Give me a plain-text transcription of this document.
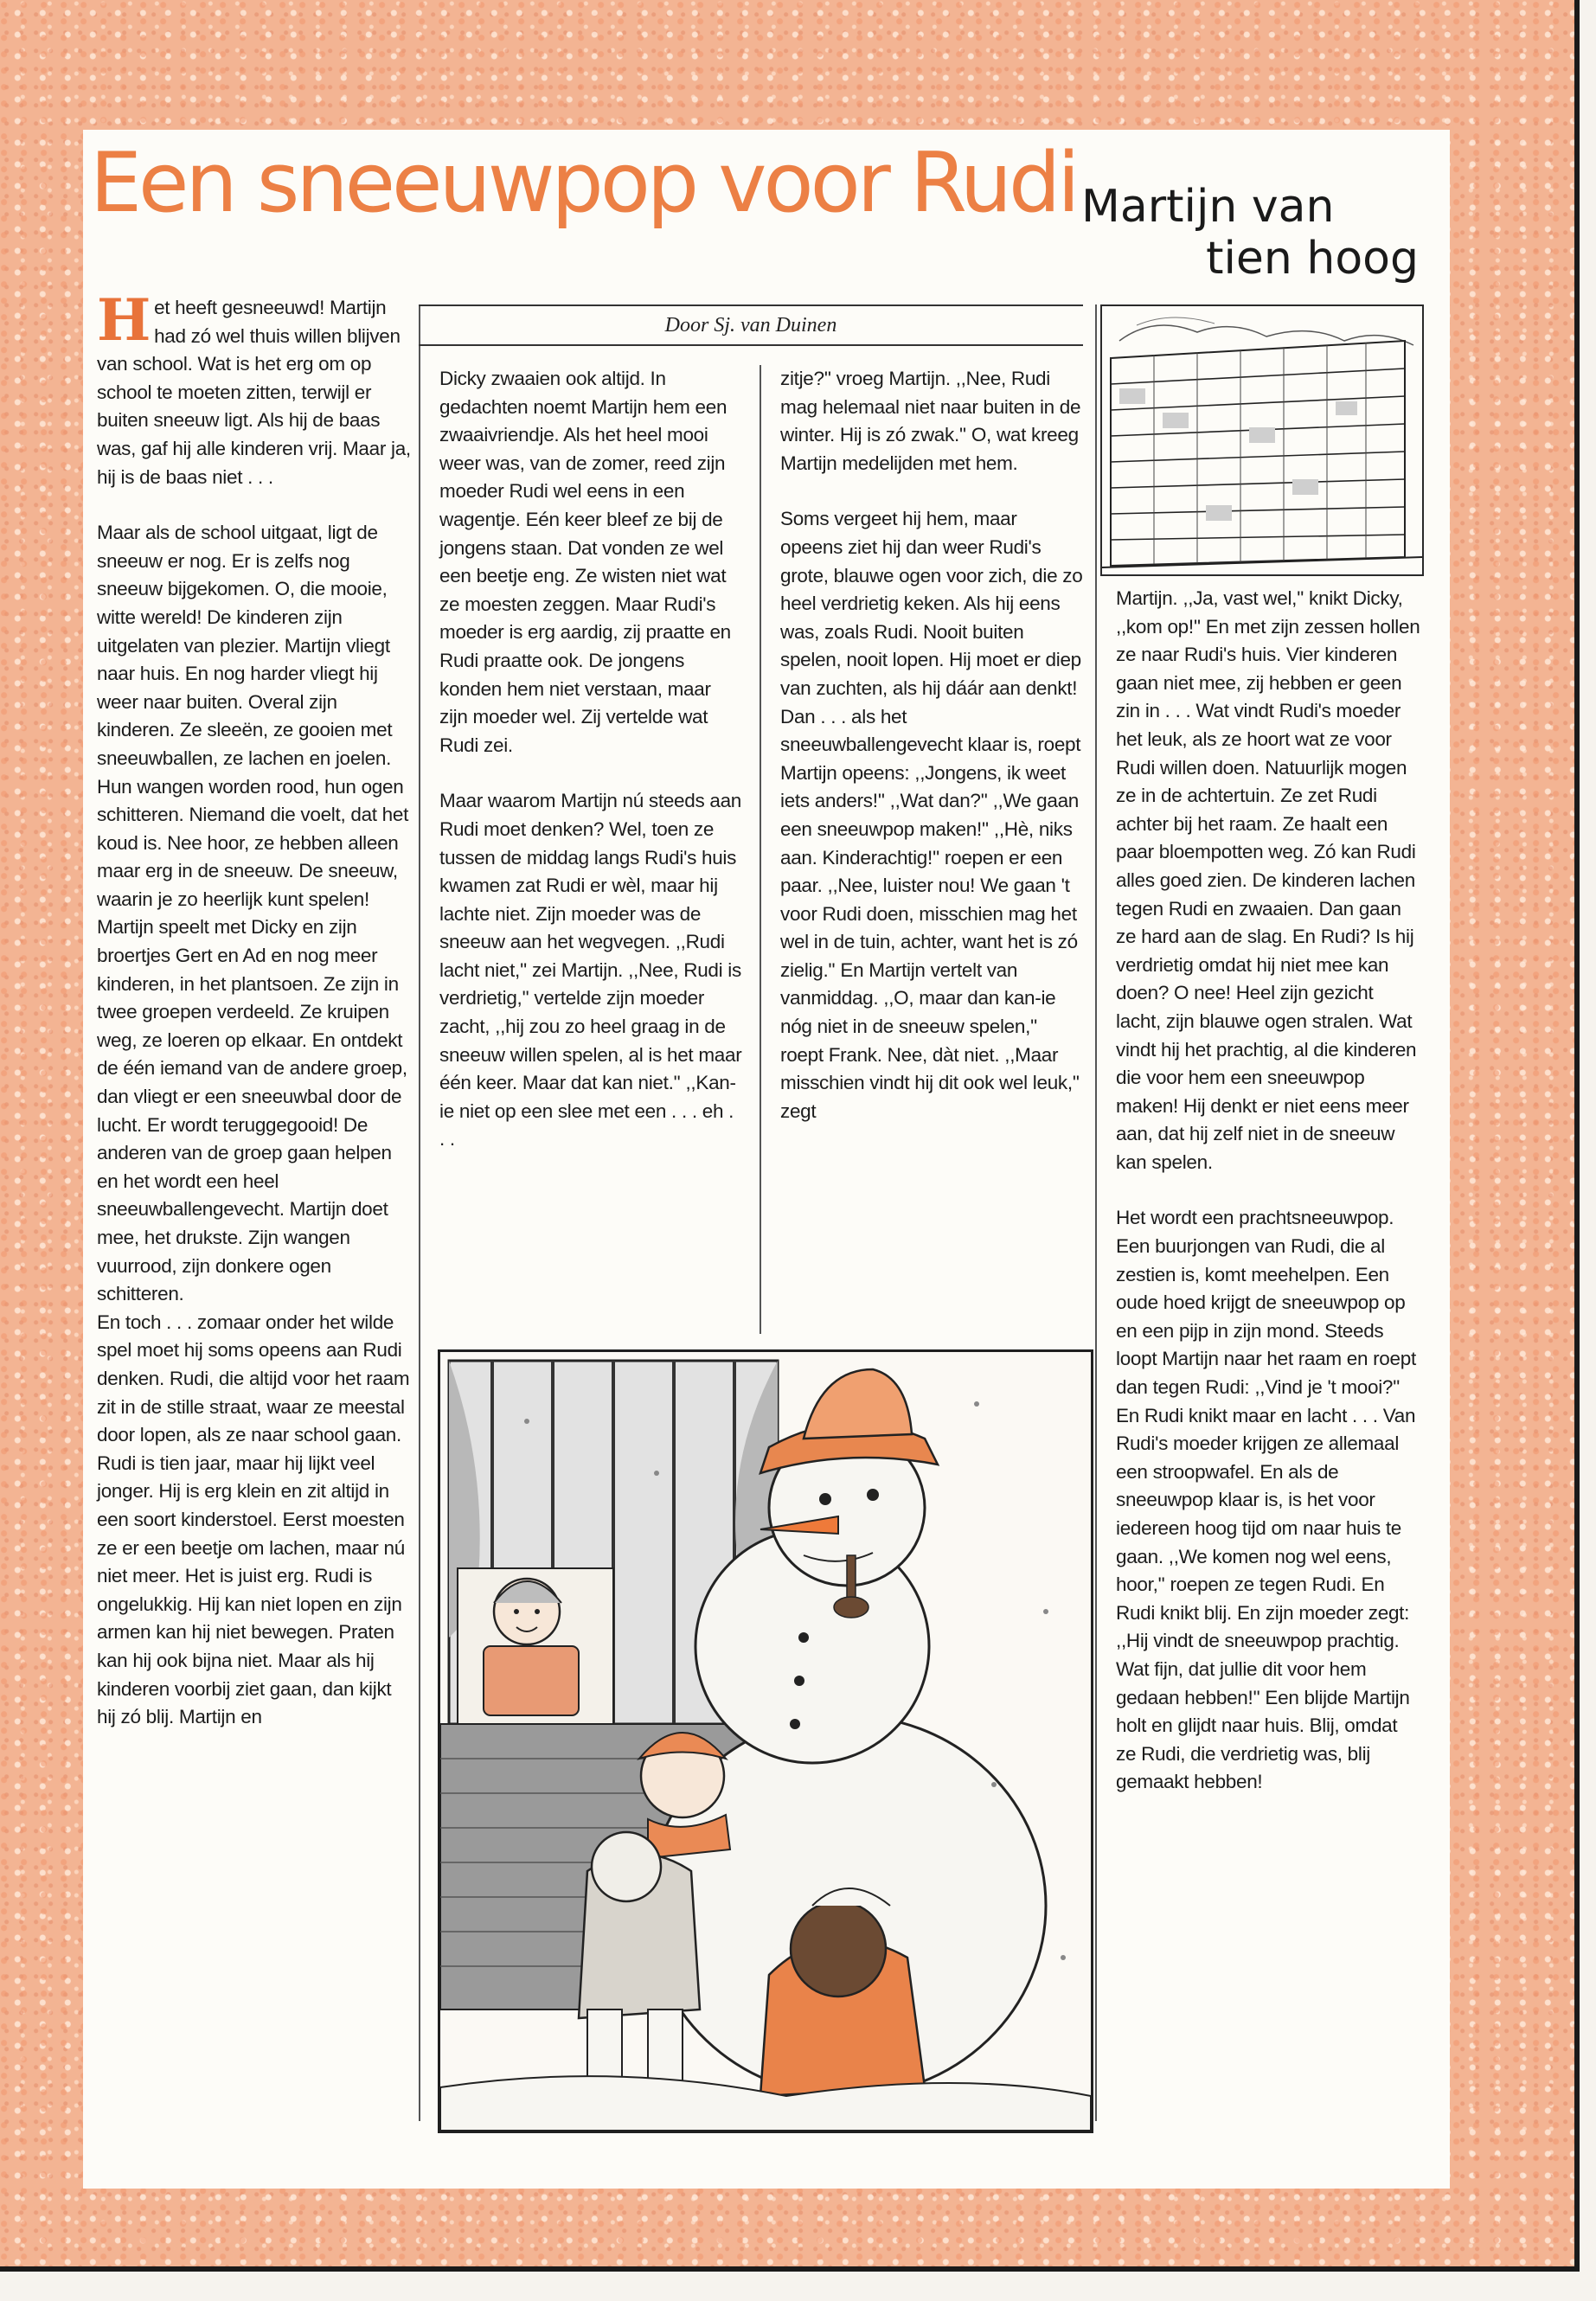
Een sneeuwpop voor Rudi Martijn van
tien hoog

Het heeft gesneeuwd! Martijn had zó wel thuis willen blijven van school. Wat is het erg om op school te moeten zitten, terwijl er buiten sneeuw ligt. Als hij de baas was, gaf hij alle kinderen vrij. Maar ja, hij is de baas niet . . .

Maar als de school uitgaat, ligt de sneeuw er nog. Er is zelfs nog sneeuw bijgekomen. O, die mooie, witte wereld! De kinderen zijn uitgelaten van plezier. Martijn vliegt naar huis. En nog harder vliegt hij weer naar buiten. Overal zijn kinderen. Ze sleeën, ze gooien met sneeuwballen, ze lachen en joelen. Hun wangen worden rood, hun ogen schitteren. Niemand die voelt, dat het koud is. Nee hoor, ze hebben alleen maar erg in de sneeuw. De sneeuw, waarin je zo heerlijk kunt spelen!

Martijn speelt met Dicky en zijn broertjes Gert en Ad en nog meer kinderen, in het plantsoen. Ze zijn in twee groepen verdeeld. Ze kruipen weg, ze loeren op elkaar. En ontdekt de één iemand van de andere groep, dan vliegt er een sneeuwbal door de lucht. Er wordt teruggegooid! De anderen van de groep gaan helpen en het wordt een heel sneeuwballengevecht. Martijn doet mee, het drukste. Zijn wangen vuurrood, zijn donkere ogen schitteren.

En toch . . . zomaar onder het wilde spel moet hij soms opeens aan Rudi denken. Rudi, die altijd voor het raam zit in de stille straat, waar ze meestal door lopen, als ze naar school gaan. Rudi is tien jaar, maar hij lijkt veel jonger. Hij is erg klein en zit altijd in een soort kinderstoel. Eerst moesten ze er een beetje om lachen, maar nú niet meer. Het is juist erg. Rudi is ongelukkig. Hij kan niet lopen en zijn armen kan hij niet bewegen. Praten kan hij ook bijna niet. Maar als hij kinderen voorbij ziet gaan, dan kijkt hij zó blij. Martijn en

Door Sj. van Duinen

Dicky zwaaien ook altijd. In gedachten noemt Martijn hem een zwaaivriendje. Als het heel mooi weer was, van de zomer, reed zijn moeder Rudi wel eens in een wagentje. Eén keer bleef ze bij de jongens staan. Dat vonden ze wel een beetje eng. Ze wisten niet wat ze moesten zeggen. Maar Rudi's moeder is erg aardig, zij praatte en Rudi praatte ook. De jongens konden hem niet verstaan, maar zijn moeder wel. Zij vertelde wat Rudi zei.

Maar waarom Martijn nú steeds aan Rudi moet denken? Wel, toen ze tussen de middag langs Rudi's huis kwamen zat Rudi er wèl, maar hij lachte niet. Zijn moeder was de sneeuw aan het wegvegen. ,,Rudi lacht niet,'' zei Martijn. ,,Nee, Rudi is verdrietig,'' vertelde zijn moeder zacht, ,,hij zou zo heel graag in de sneeuw willen spelen, al is het maar één keer. Maar dat kan niet.'' ,,Kan-ie niet op een slee met een . . . eh . . .

zitje?'' vroeg Martijn. ,,Nee, Rudi mag helemaal niet naar buiten in de winter. Hij is zó zwak.'' O, wat kreeg Martijn medelijden met hem.

Soms vergeet hij hem, maar opeens ziet hij dan weer Rudi's grote, blauwe ogen voor zich, die zo heel verdrietig keken. Als hij eens was, zoals Rudi. Nooit buiten spelen, nooit lopen. Hij moet er diep van zuchten, als hij dáár aan denkt!

Dan . . . als het sneeuwballengevecht klaar is, roept Martijn opeens: ,,Jongens, ik weet iets anders!'' ,,Wat dan?'' ,,We gaan een sneeuwpop maken!'' ,,Hè, niks aan. Kinderachtig!'' roepen er een paar. ,,Nee, luister nou! We gaan 't voor Rudi doen, misschien mag het wel in de tuin, achter, want het is zó zielig.'' En Martijn vertelt van vanmiddag. ,,O, maar dan kan-ie nóg niet in de sneeuw spelen,'' roept Frank. Nee, dàt niet. ,,Maar misschien vindt hij dit ook wel leuk,'' zegt

Martijn. ,,Ja, vast wel,'' knikt Dicky, ,,kom op!'' En met zijn zessen hollen ze naar Rudi's huis. Vier kinderen gaan niet mee, zij hebben er geen zin in . . . Wat vindt Rudi's moeder het leuk, als ze hoort wat ze voor Rudi willen doen. Natuurlijk mogen ze in de achtertuin. Ze zet Rudi achter bij het raam. Ze haalt een paar bloempotten weg. Zó kan Rudi alles goed zien. De kinderen lachen tegen Rudi en zwaaien. Dan gaan ze hard aan de slag. En Rudi? Is hij verdrietig omdat hij niet mee kan doen? O nee! Heel zijn gezicht lacht, zijn blauwe ogen stralen. Wat vindt hij het prachtig, al die kinderen die voor hem een sneeuwpop maken! Hij denkt er niet eens meer aan, dat hij zelf niet in de sneeuw kan spelen.

Het wordt een prachtsneeuwpop. Een buurjongen van Rudi, die al zestien is, komt meehelpen. Een oude hoed krijgt de sneeuwpop op en een pijp in zijn mond. Steeds loopt Martijn naar het raam en roept dan tegen Rudi: ,,Vind je 't mooi?'' En Rudi knikt maar en lacht . . . Van Rudi's moeder krijgen ze allemaal een stroopwafel. En als de sneeuwpop klaar is, is het voor iedereen hoog tijd om naar huis te gaan. ,,We komen nog wel eens, hoor,'' roepen ze tegen Rudi. En Rudi knikt blij. En zijn moeder zegt: ,,Hij vindt de sneeuwpop prachtig. Wat fijn, dat jullie dit voor hem gedaan hebben!'' Een blijde Martijn holt en glijdt naar huis. Blij, omdat ze Rudi, die verdrietig was, blij gemaakt hebben!
